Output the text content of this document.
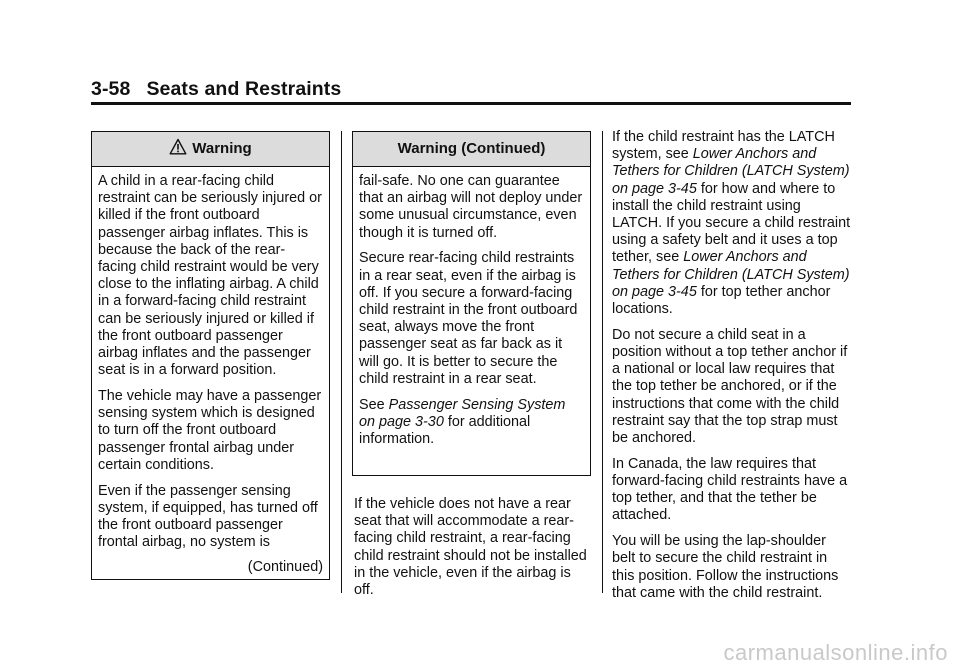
3-58 Seats and Restraints
Warning

A child in a rear-facing child restraint can be seriously injured or killed if the front outboard passenger airbag inflates. This is because the back of the rear-facing child restraint would be very close to the inflating airbag. A child in a forward-facing child restraint can be seriously injured or killed if the front outboard passenger airbag inflates and the passenger seat is in a forward position.

The vehicle may have a passenger sensing system which is designed to turn off the front outboard passenger frontal airbag under certain conditions.

Even if the passenger sensing system, if equipped, has turned off the front outboard passenger frontal airbag, no system is

(Continued)
Warning (Continued)

fail-safe. No one can guarantee that an airbag will not deploy under some unusual circumstance, even though it is turned off.

Secure rear-facing child restraints in a rear seat, even if the airbag is off. If you secure a forward-facing child restraint in the front outboard seat, always move the front passenger seat as far back as it will go. It is better to secure the child restraint in a rear seat.

See Passenger Sensing System on page 3-30 for additional information.

If the vehicle does not have a rear seat that will accommodate a rear-facing child restraint, a rear-facing child restraint should not be installed in the vehicle, even if the airbag is off.

If the child restraint has the LATCH system, see Lower Anchors and Tethers for Children (LATCH System) on page 3-45 for how and where to install the child restraint using LATCH. If you secure a child restraint using a safety belt and it uses a top tether, see Lower Anchors and Tethers for Children (LATCH System) on page 3-45 for top tether anchor locations.

Do not secure a child seat in a position without a top tether anchor if a national or local law requires that the top tether be anchored, or if the instructions that come with the child restraint say that the top strap must be anchored.

In Canada, the law requires that forward-facing child restraints have a top tether, and that the tether be attached.

You will be using the lap-shoulder belt to secure the child restraint in this position. Follow the instructions that came with the child restraint.

carmanualsonline.info
